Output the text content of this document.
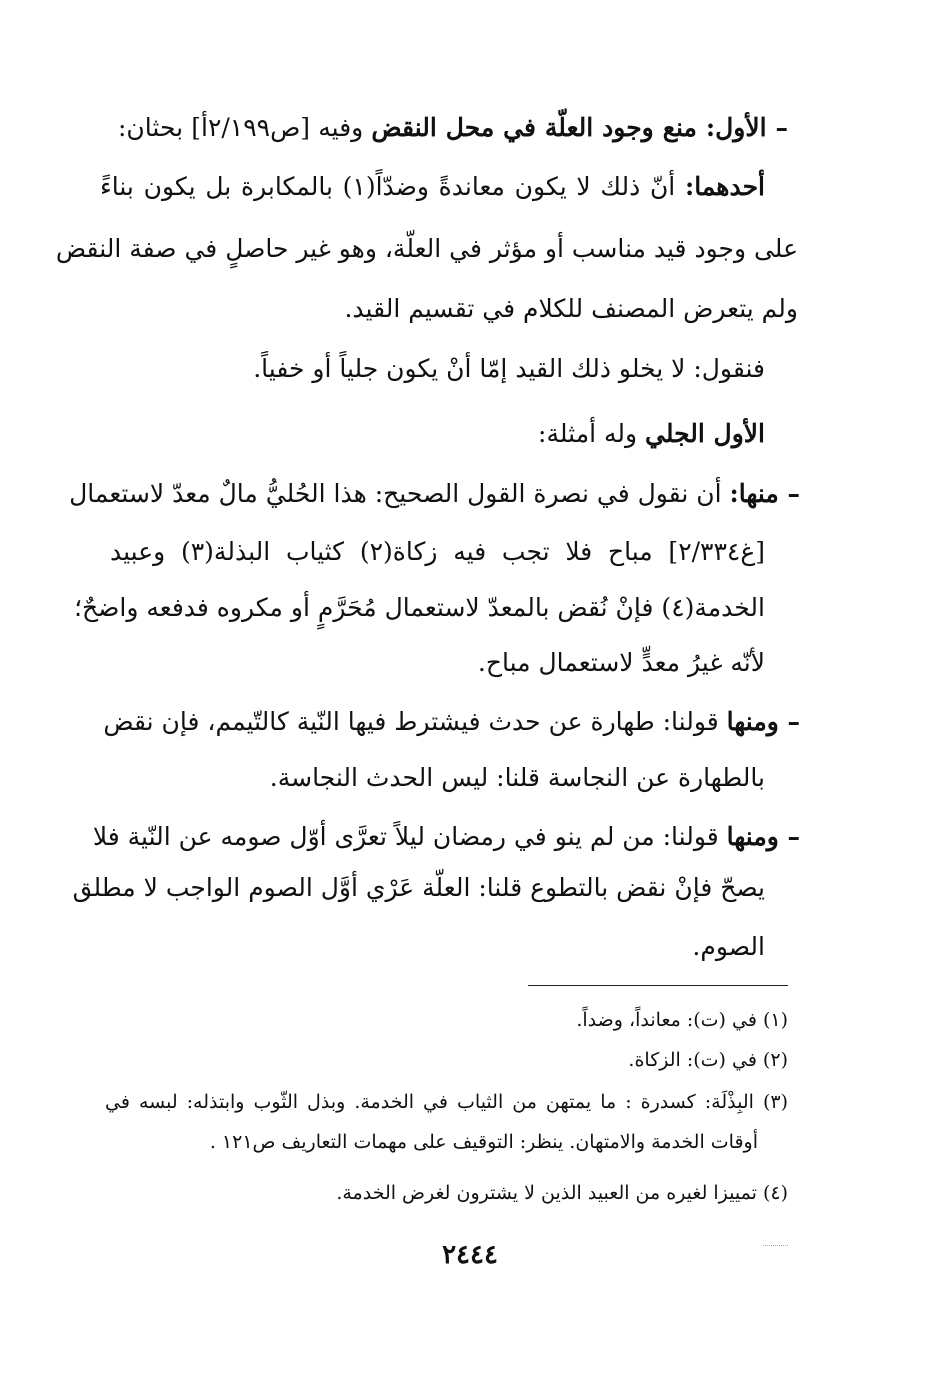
– الأول: منع وجود العلّة في محل النقض وفيه [ص٢/١٩٩أ] بحثان:
أحدهما: أنّ ذلك لا يكون معاندةً وضدّاً(١) بالمكابرة بل يكون بناءً
على وجود قيد مناسب أو مؤثر في العلّة، وهو غير حاصلٍ في صفة النقض
ولم يتعرض المصنف للكلام في تقسيم القيد.
فنقول: لا يخلو ذلك القيد إمّا أنْ يكون جلياً أو خفياً.
الأول الجلي وله أمثلة:
– منها: أن نقول في نصرة القول الصحيح: هذا الحُليُّ مالٌ معدّ لاستعمال
[غ٢/٣٣٤] مباح فلا تجب فيه زكاة(٢) كثياب البذلة(٣) وعبيد
الخدمة(٤) فإنْ نُقض بالمعدّ لاستعمال مُحَرَّمٍ أو مكروه فدفعه واضحٌ؛
لأنّه غيرُ معدٍّ لاستعمال مباح.
– ومنها قولنا: طهارة عن حدث فيشترط فيها النّية كالتّيمم، فإن نقض
بالطهارة عن النجاسة قلنا: ليس الحدث النجاسة.
– ومنها قولنا: من لم ينو في رمضان ليلاً تعرَّى أوّل صومه عن النّية فلا
يصحّ فإنْ نقض بالتطوع قلنا: العلّة عَرْي أوَّل الصوم الواجب لا مطلق
الصوم.
(١) في (ت): معانداً، وضداً.
(٢) في (ت): الزكاة.
(٣) البِذْلَة: كسدرة : ما يمتهن من الثياب في الخدمة. وبذل الثّوب وابتذله: لبسه في
أوقات الخدمة والامتهان. ينظر: التوقيف على مهمات التعاريف ص١٢١ .
(٤) تمييزا لغيره من العبيد الذين لا يشترون لغرض الخدمة.
٢٤٤٤
